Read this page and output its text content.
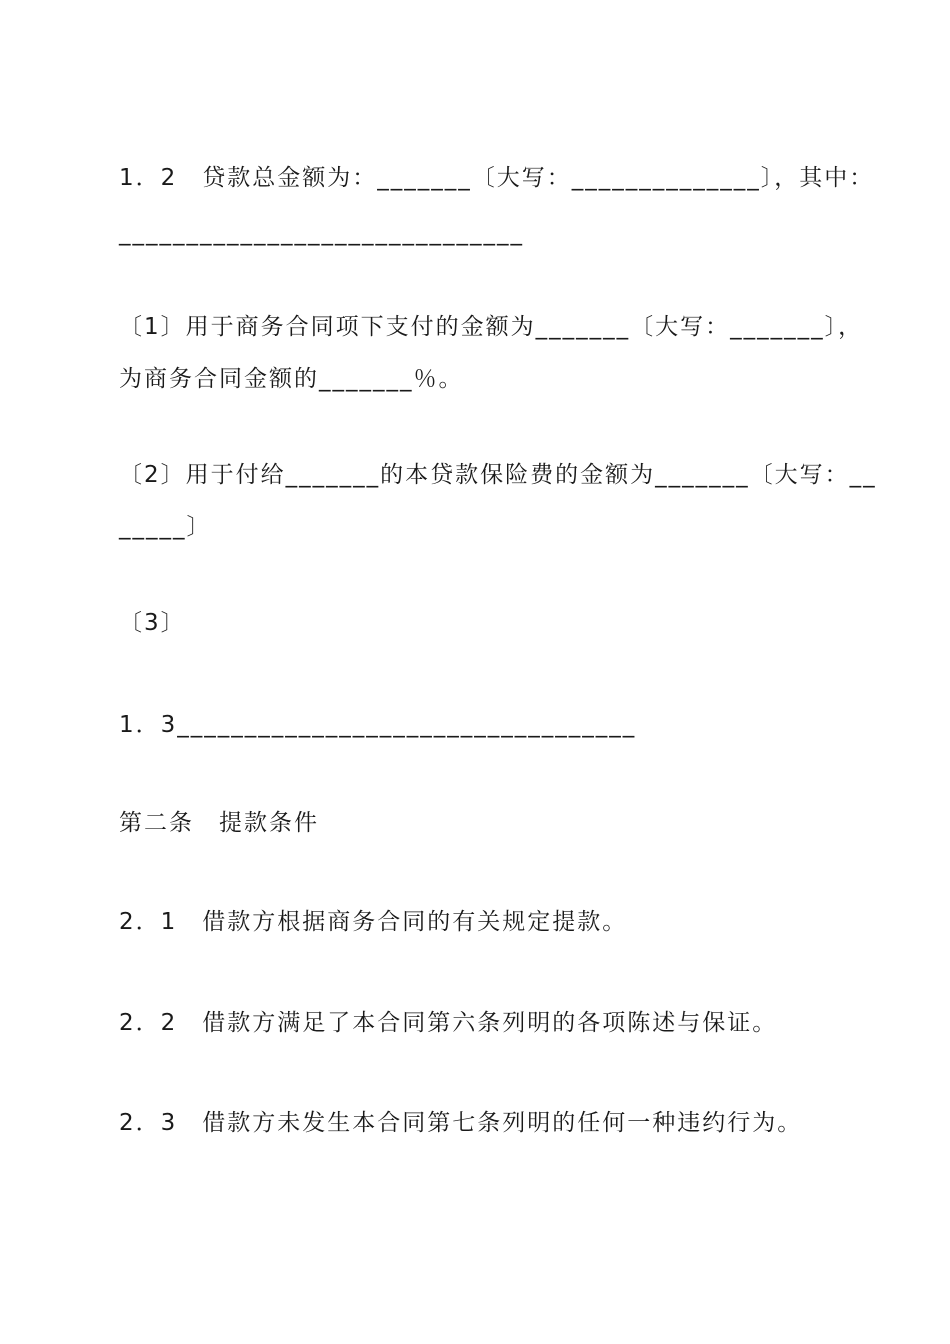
1．2　贷款总金额为：_______〔大写：______________〕，其中：
______________________________
〔1〕用于商务合同项下支付的金额为_______〔大写：_______〕，
为商务合同金额的_______％。
〔2〕用于付给_______的本贷款保险费的金额为_______〔大写：__
_____〕
〔3〕
1．3__________________________________
第二条　提款条件
2．1　借款方根据商务合同的有关规定提款。
2．2　借款方满足了本合同第六条列明的各项陈述与保证。
2．3　借款方未发生本合同第七条列明的任何一种违约行为。
